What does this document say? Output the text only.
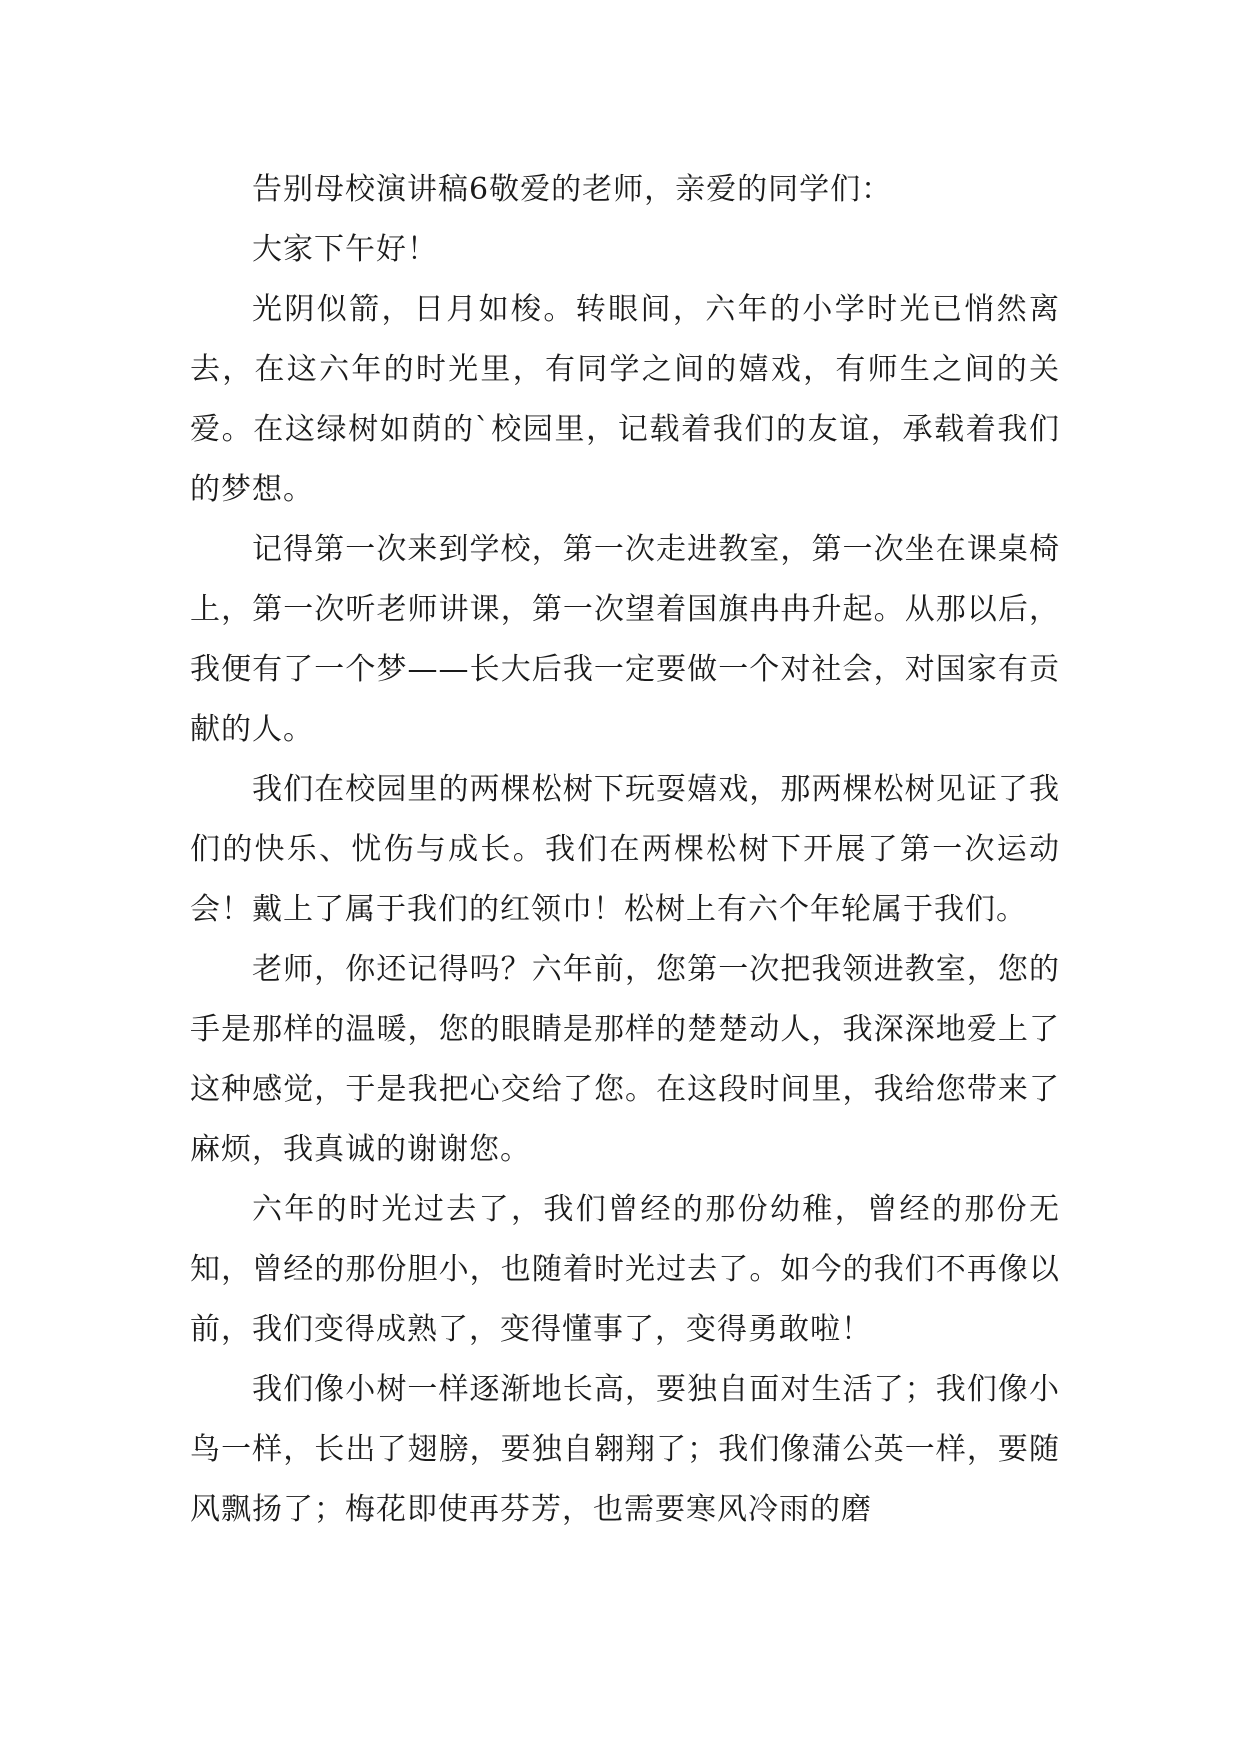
告别母校演讲稿6敬爱的老师，亲爱的同学们：

大家下午好！

光阴似箭，日月如梭。转眼间，六年的小学时光已悄然离去，在这六年的时光里，有同学之间的嬉戏，有师生之间的关爱。在这绿树如荫的`校园里，记载着我们的友谊，承载着我们的梦想。

记得第一次来到学校，第一次走进教室，第一次坐在课桌椅上，第一次听老师讲课，第一次望着国旗冉冉升起。从那以后，我便有了一个梦——长大后我一定要做一个对社会，对国家有贡献的人。

我们在校园里的两棵松树下玩耍嬉戏，那两棵松树见证了我们的快乐、忧伤与成长。我们在两棵松树下开展了第一次运动会！戴上了属于我们的红领巾！松树上有六个年轮属于我们。

老师，你还记得吗？六年前，您第一次把我领进教室，您的手是那样的温暖，您的眼睛是那样的楚楚动人，我深深地爱上了这种感觉，于是我把心交给了您。在这段时间里，我给您带来了麻烦，我真诚的谢谢您。

六年的时光过去了，我们曾经的那份幼稚，曾经的那份无知，曾经的那份胆小，也随着时光过去了。如今的我们不再像以前，我们变得成熟了，变得懂事了，变得勇敢啦！

我们像小树一样逐渐地长高，要独自面对生活了；我们像小鸟一样，长出了翅膀，要独自翱翔了；我们像蒲公英一样，要随风飘扬了；梅花即使再芬芳，也需要寒风冷雨的磨
